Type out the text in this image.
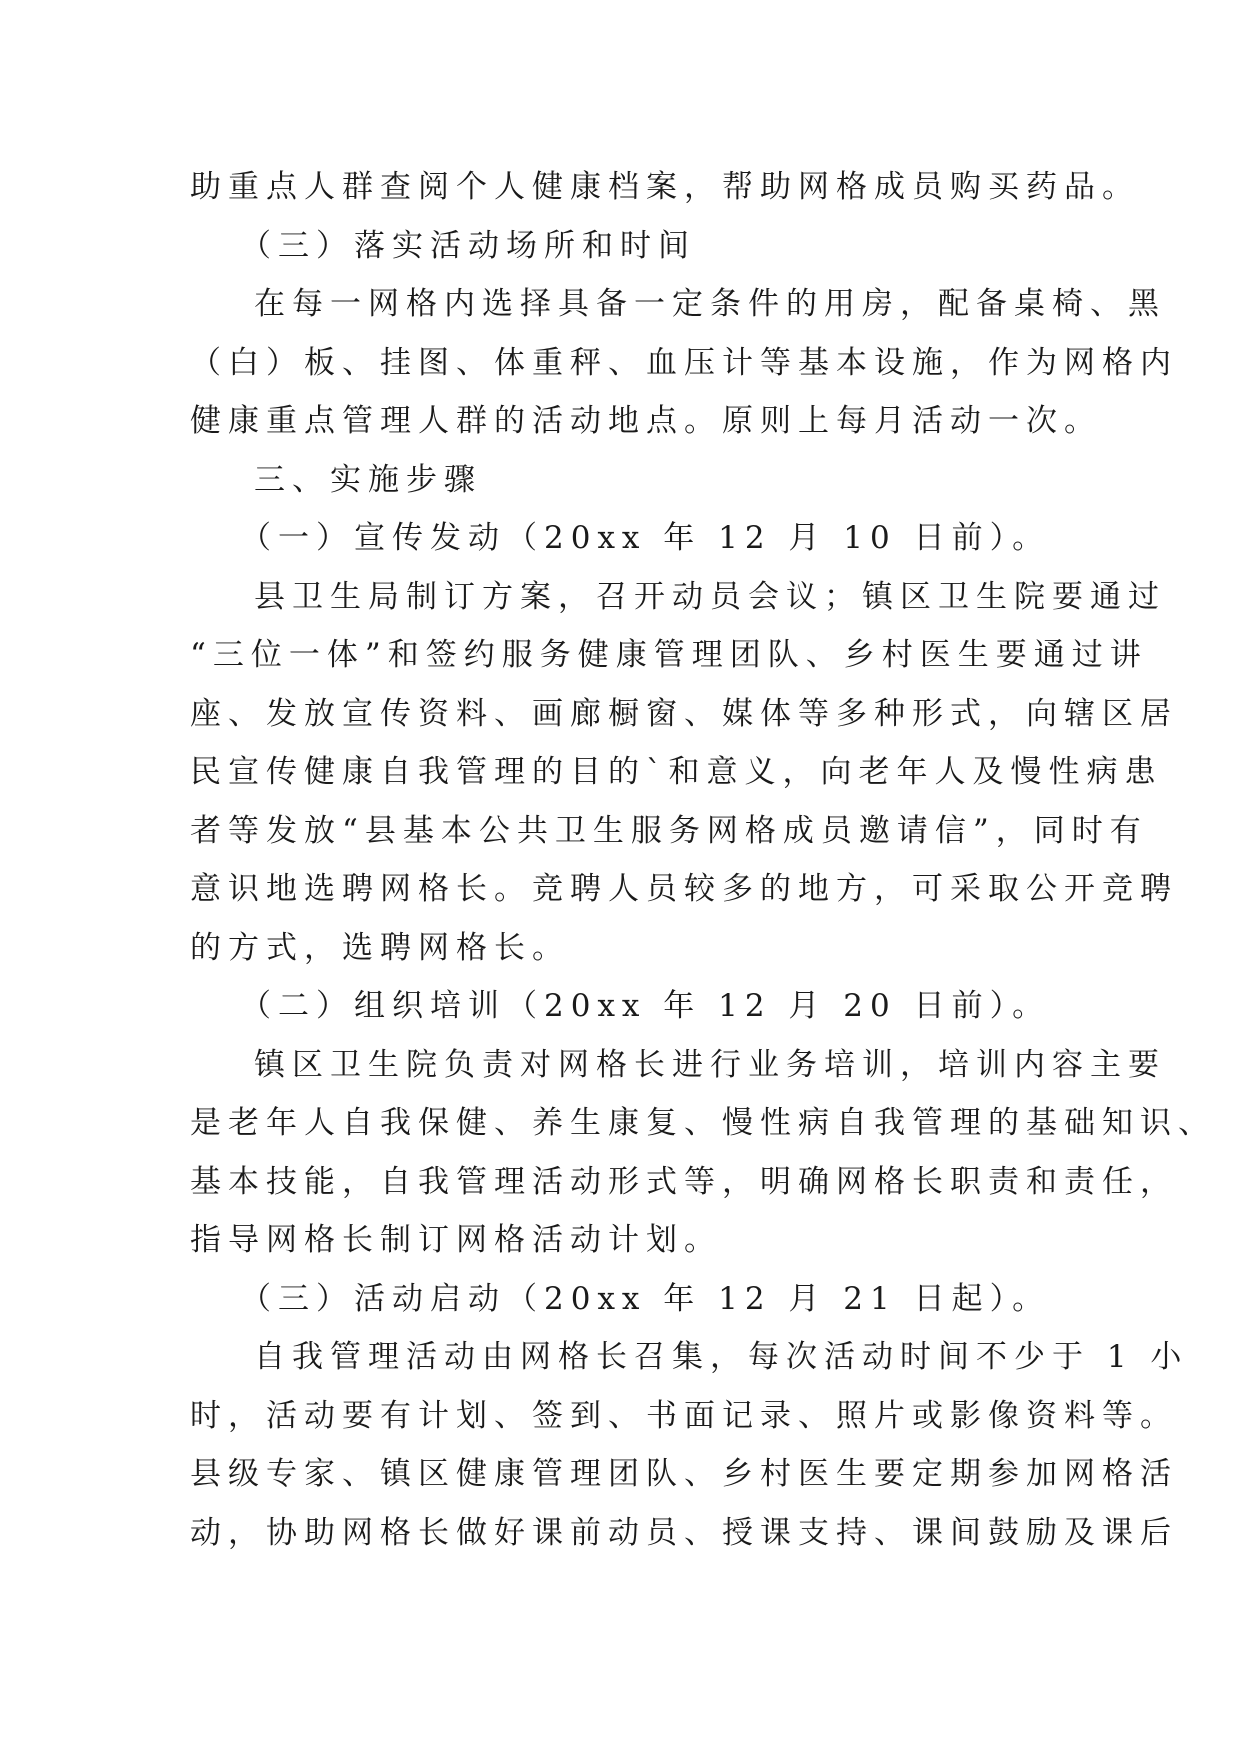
助重点人群查阅个人健康档案，帮助网格成员购买药品。
（三）落实活动场所和时间
在每一网格内选择具备一定条件的用房，配备桌椅、黑
（白）板、挂图、体重秤、血压计等基本设施，作为网格内
健康重点管理人群的活动地点。原则上每月活动一次。
三、实施步骤
（一）宣传发动（20xx 年 12 月 10 日前）。
县卫生局制订方案，召开动员会议；镇区卫生院要通过
“三位一体”和签约服务健康管理团队、乡村医生要通过讲
座、发放宣传资料、画廊橱窗、媒体等多种形式，向辖区居
民宣传健康自我管理的目的`和意义，向老年人及慢性病患
者等发放“县基本公共卫生服务网格成员邀请信”，同时有
意识地选聘网格长。竞聘人员较多的地方，可采取公开竞聘
的方式，选聘网格长。
（二）组织培训（20xx 年 12 月 20 日前）。
镇区卫生院负责对网格长进行业务培训，培训内容主要
是老年人自我保健、养生康复、慢性病自我管理的基础知识、
基本技能，自我管理活动形式等，明确网格长职责和责任，
指导网格长制订网格活动计划。
（三）活动启动（20xx 年 12 月 21 日起）。
自我管理活动由网格长召集，每次活动时间不少于 1 小
时，活动要有计划、签到、书面记录、照片或影像资料等。
县级专家、镇区健康管理团队、乡村医生要定期参加网格活
动，协助网格长做好课前动员、授课支持、课间鼓励及课后
